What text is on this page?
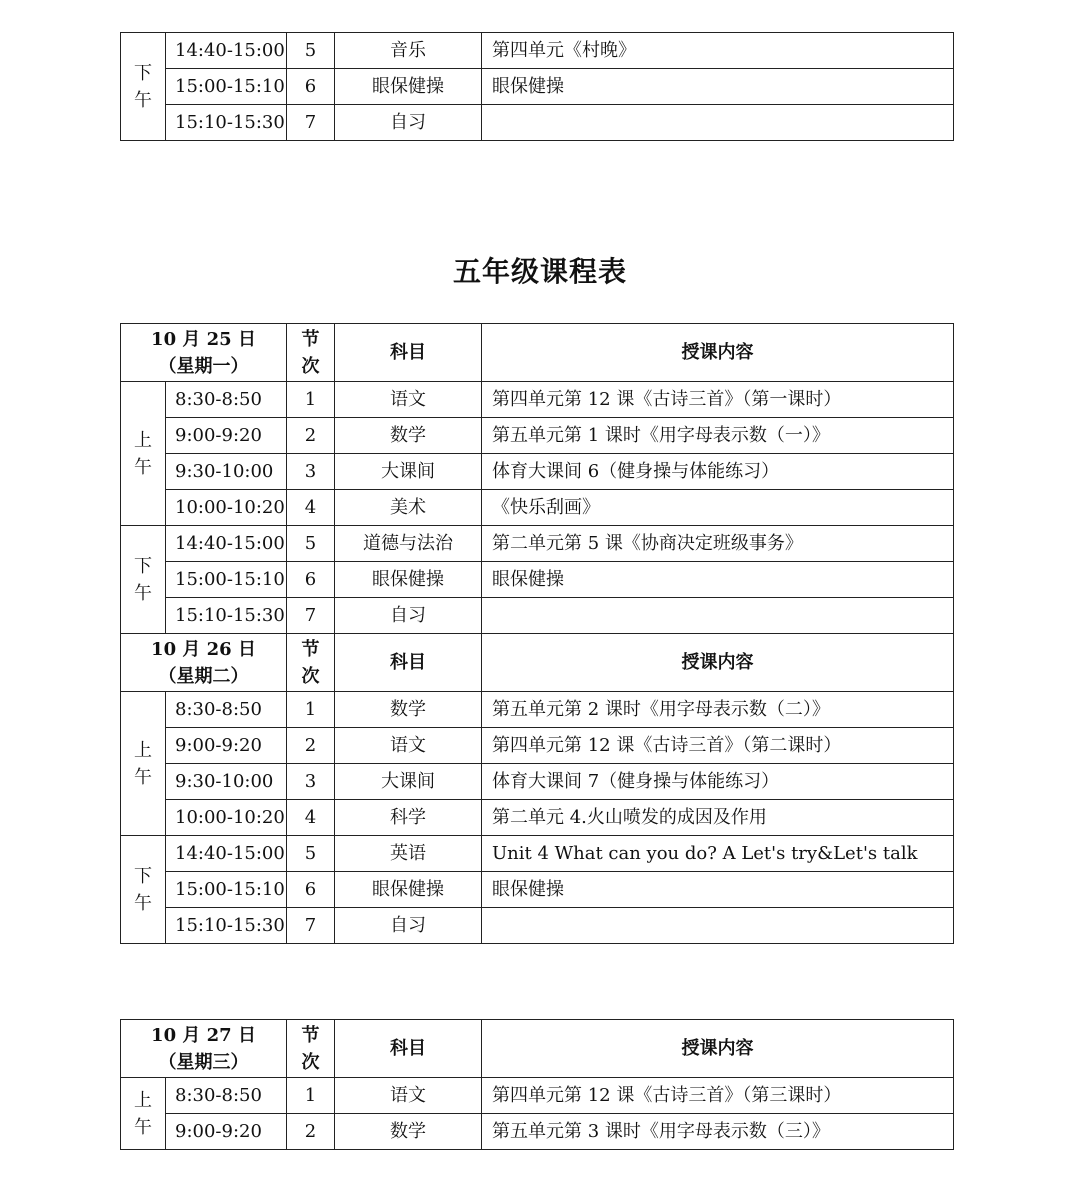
下午	14:40-15:00	5	音乐	第四单元《村晚》
	15:00-15:10	6	眼保健操	眼保健操
	15:10-15:30	7	自习	
五年级课程表
10 月 25 日
（星期一）		节次	科目	授课内容
上午	8:30-8:50	1	语文	第四单元第 12 课《古诗三首》（第一课时）
	9:00-9:20	2	数学	第五单元第 1 课时《用字母表示数（一）》
	9:30-10:00	3	大课间	体育大课间 6（健身操与体能练习）
	10:00-10:20	4	美术	《快乐刮画》
下午	14:40-15:00	5	道德与法治	第二单元第 5 课《协商决定班级事务》
	15:00-15:10	6	眼保健操	眼保健操
	15:10-15:30	7	自习	

10 月 26 日
（星期二）		节次	科目	授课内容
上午	8:30-8:50	1	数学	第五单元第 2 课时《用字母表示数（二）》
	9:00-9:20	2	语文	第四单元第 12 课《古诗三首》（第二课时）
	9:30-10:00	3	大课间	体育大课间 7（健身操与体能练习）
	10:00-10:20	4	科学	第二单元 4.火山喷发的成因及作用
下午	14:40-15:00	5	英语	Unit 4 What can you do? A Let's try&Let's talk
	15:00-15:10	6	眼保健操	眼保健操
	15:10-15:30	7	自习	
10 月 27 日
（星期三）		节次	科目	授课内容
上午	8:30-8:50	1	语文	第四单元第 12 课《古诗三首》（第三课时）
	9:00-9:20	2	数学	第五单元第 3 课时《用字母表示数（三）》
